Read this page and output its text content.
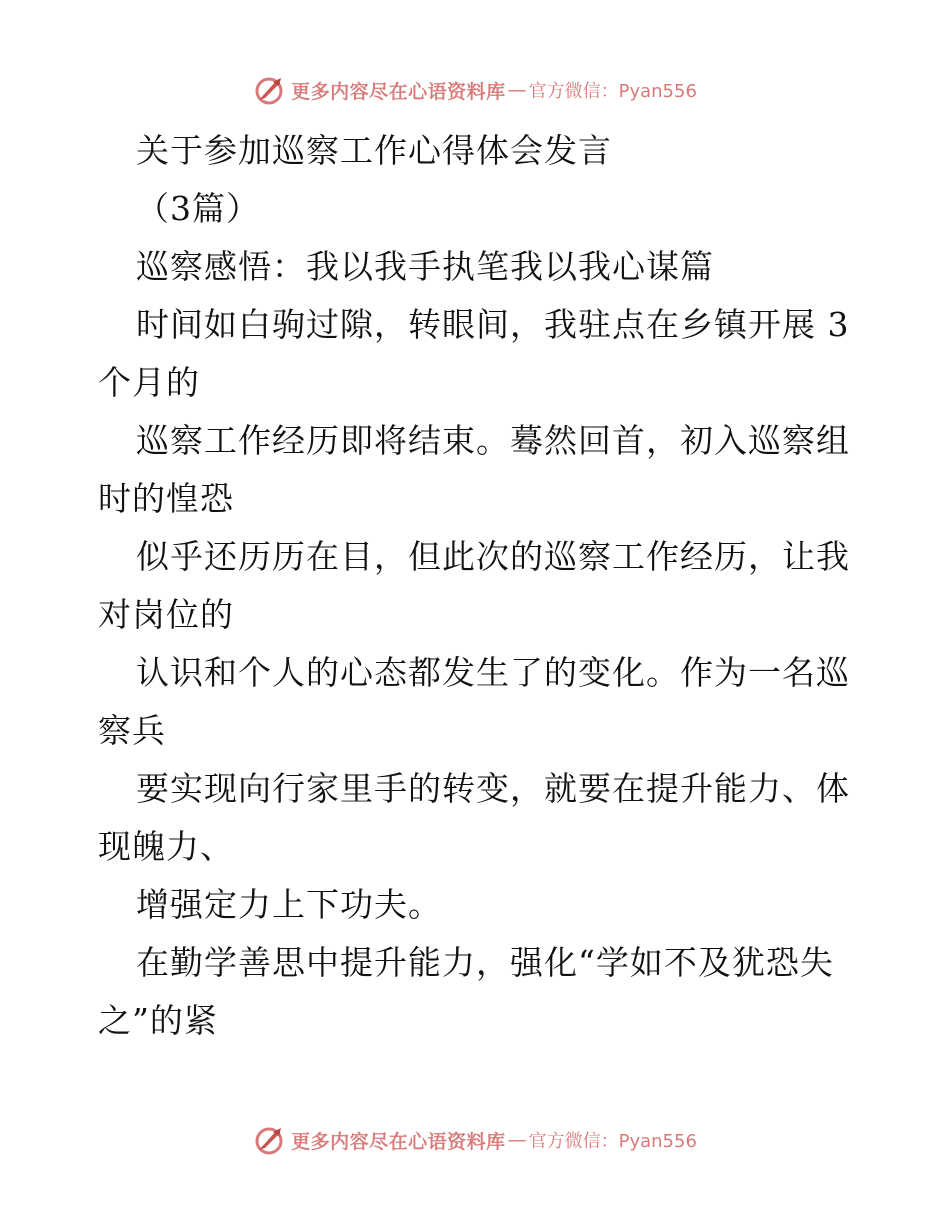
更多内容尽在心语资料库 — 官方微信：Pyan556
关于参加巡察工作心得体会发言
（3篇）
巡察感悟：我以我手执笔我以我心谋篇
时间如白驹过隙，转眼间，我驻点在乡镇开展 3
个月的
巡察工作经历即将结束。蓦然回首，初入巡察组
时的惶恐
似乎还历历在目，但此次的巡察工作经历，让我
对岗位的
认识和个人的心态都发生了的变化。作为一名巡
察兵
要实现向行家里手的转变，就要在提升能力、体
现魄力、
增强定力上下功夫。
在勤学善思中提升能力，强化“学如不及犹恐失
之”的紧
更多内容尽在心语资料库 — 官方微信：Pyan556
